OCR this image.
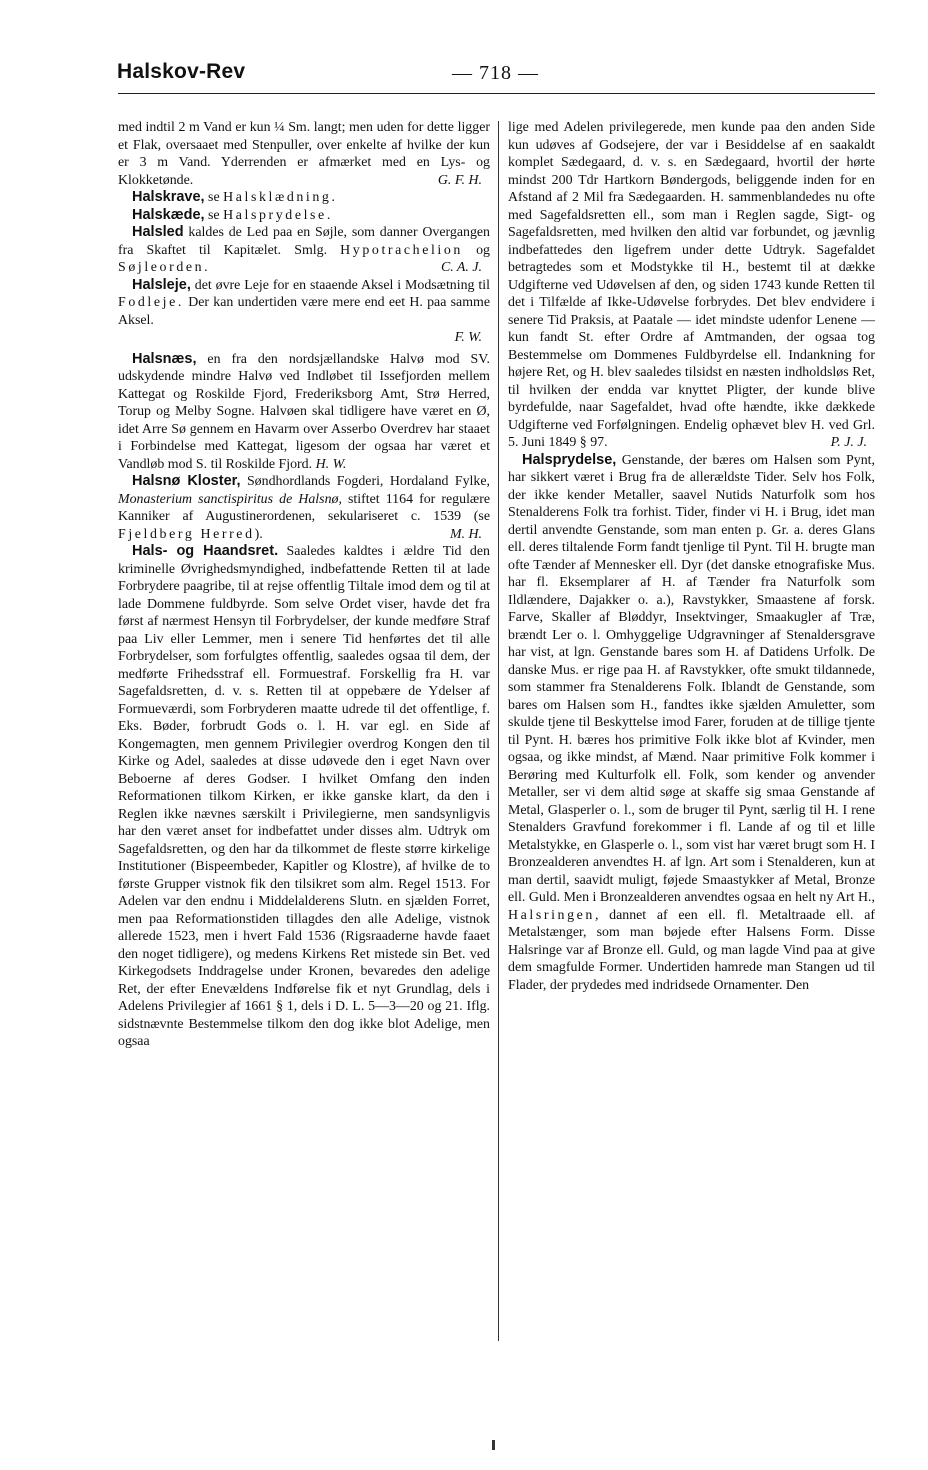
Halskov-Rev	— 718 —

med indtil 2 m Vand er kun ¼ Sm. langt; men uden for dette ligger et Flak, oversaaet med Stenpuller, over enkelte af hvilke der kun er 3 m Vand. Yderrenden er afmærket med en Lys- og Klokketønde.	G. F. H.

Halskrave, se Halsklædning.

Halskæde, se Halsprydelse.

Halsled kaldes de Led paa en Søjle, som danner Overgangen fra Skaftet til Kapitælet. Smlg. Hypotrachelion og Søjleorden.	C. A. J.

Halsleje, det øvre Leje for en staaende Aksel i Modsætning til Fodleje. Der kan undertiden være mere end eet H. paa samme Aksel.

F. W.

Halsnæs, en fra den nordsjællandske Halvø mod SV. udskydende mindre Halvø ved Indløbet til Issefjorden mellem Kattegat og Roskilde Fjord, Frederiksborg Amt, Strø Herred, Torup og Melby Sogne. Halvøen skal tidligere have været en Ø, idet Arre Sø gennem en Havarm over Asserbo Overdrev har staaet i Forbindelse med Kattegat, ligesom der ogsaa har været et Vandløb mod S. til Roskilde Fjord. H. W.

Halsnø Kloster, Søndhordlands Fogderi, Hordaland Fylke, Monasterium sanctispiritus de Halsnø, stiftet 1164 for regulære Kanniker af Augustinerordenen, sekulariseret c. 1539 (se Fjeldberg Herred).	M. H.

Hals- og Haandsret. Saaledes kaldtes i ældre Tid den kriminelle Øvrighedsmyndighed, indbefattende Retten til at lade Forbrydere paagribe, til at rejse offentlig Tiltale imod dem og til at lade Dommene fuldbyrde. Som selve Ordet viser, havde det fra først af nærmest Hensyn til Forbrydelser, der kunde medføre Straf paa Liv eller Lemmer, men i senere Tid henførtes det til alle Forbrydelser, som forfulgtes offentlig, saaledes ogsaa til dem, der medførte Frihedsstraf ell. Formuestraf. Forskellig fra H. var Sagefaldsretten, d. v. s. Retten til at oppebære de Ydelser af Formueværdi, som Forbryderen maatte udrede til det offentlige, f. Eks. Bøder, forbrudt Gods o. l. H. var egl. en Side af Kongemagten, men gennem Privilegier overdrog Kongen den til Kirke og Adel, saaledes at disse udøvede den i eget Navn over Beboerne af deres Godser. I hvilket Omfang den inden Reformationen tilkom Kirken, er ikke ganske klart, da den i Reglen ikke nævnes særskilt i Privilegierne, men sandsynligvis har den været anset for indbefattet under disses alm. Udtryk om Sagefaldsretten, og den har da tilkommet de fleste større kirkelige Institutioner (Bispeembeder, Kapitler og Klostre), af hvilke de to første Grupper vistnok fik den tilsikret som alm. Regel 1513. For Adelen var den endnu i Middelalderens Slutn. en sjælden Forret, men paa Reformationstiden tillagdes den alle Adelige, vistnok allerede 1523, men i hvert Fald 1536 (Rigsraaderne havde faaet den noget tidligere), og medens Kirkens Ret mistede sin Bet. ved Kirkegodsets Inddragelse under Kronen, bevaredes den adelige Ret, der efter Enevældens Indførelse fik et nyt Grundlag, dels i Adelens Privilegier af 1661 § 1, dels i D. L. 5—3—20 og 21. Iflg. sidstnævnte Bestemmelse tilkom den dog ikke blot Adelige, men ogsaa

lige med Adelen privilegerede, men kunde paa den anden Side kun udøves af Godsejere, der var i Besiddelse af en saakaldt komplet Sædegaard, d. v. s. en Sædegaard, hvortil der hørte mindst 200 Tdr Hartkorn Bøndergods, beliggende inden for en Afstand af 2 Mil fra Sædegaarden. H. sammenblandedes nu ofte med Sagefaldsretten ell., som man i Reglen sagde, Sigt- og Sagefaldsretten, med hvilken den altid var forbundet, og jævnlig indbefattedes den ligefrem under dette Udtryk. Sagefaldet betragtedes som et Modstykke til H., bestemt til at dække Udgifterne ved Udøvelsen af den, og siden 1743 kunde Retten til det i Tilfælde af Ikke-Udøvelse forbrydes. Det blev endvidere i senere Tid Praksis, at Paatale — idet mindste udenfor Lenene — kun fandt St. efter Ordre af Amtmanden, der ogsaa tog Bestemmelse om Dommenes Fuldbyrdelse ell. Indankning for højere Ret, og H. blev saaledes tilsidst en næsten indholdsløs Ret, til hvilken der endda var knyttet Pligter, der kunde blive byrdefulde, naar Sagefaldet, hvad ofte hændte, ikke dækkede Udgifterne ved Forfølgningen. Endelig ophævet blev H. ved Grl. 5. Juni 1849 § 97.	P. J. J.

Halsprydelse, Genstande, der bæres om Halsen som Pynt, har sikkert været i Brug fra de allerældste Tider. Selv hos Folk, der ikke kender Metaller, saavel Nutids Naturfolk som hos Stenalderens Folk tra forhist. Tider, finder vi H. i Brug, idet man dertil anvendte Genstande, som man enten p. Gr. a. deres Glans ell. deres tiltalende Form fandt tjenlige til Pynt. Til H. brugte man ofte Tænder af Mennesker ell. Dyr (det danske etnografiske Mus. har fl. Eksemplarer af H. af Tænder fra Naturfolk som Ildlændere, Dajakker o. a.), Ravstykker, Smaastene af forsk. Farve, Skaller af Bløddyr, Insektvinger, Smaakugler af Træ, brændt Ler o. l. Omhyggelige Udgravninger af Stenaldersgrave har vist, at lgn. Genstande bares som H. af Datidens Urfolk. De danske Mus. er rige paa H. af Ravstykker, ofte smukt tildannede, som stammer fra Stenalderens Folk. Iblandt de Genstande, som bares om Halsen som H., fandtes ikke sjælden Amuletter, som skulde tjene til Beskyttelse imod Farer, foruden at de tillige tjente til Pynt. H. bæres hos primitive Folk ikke blot af Kvinder, men ogsaa, og ikke mindst, af Mænd. Naar primitive Folk kommer i Berøring med Kulturfolk ell. Folk, som kender og anvender Metaller, ser vi dem altid søge at skaffe sig smaa Genstande af Metal, Glasperler o. l., som de bruger til Pynt, særlig til H. I rene Stenalders Gravfund forekommer i fl. Lande af og til et lille Metalstykke, en Glasperle o. l., som vist har været brugt som H. I Bronzealderen anvendtes H. af lgn. Art som i Stenalderen, kun at man dertil, saavidt muligt, føjede Smaastykker af Metal, Bronze ell. Guld. Men i Bronzealderen anvendtes ogsaa en helt ny Art H., Halsringen, dannet af een ell. fl. Metaltraade ell. af Metalstænger, som man bøjede efter Halsens Form. Disse Halsringe var af Bronze ell. Guld, og man lagde Vind paa at give dem smagfulde Former. Undertiden hamrede man Stangen ud til Flader, der prydedes med indridsede Ornamenter. Den
